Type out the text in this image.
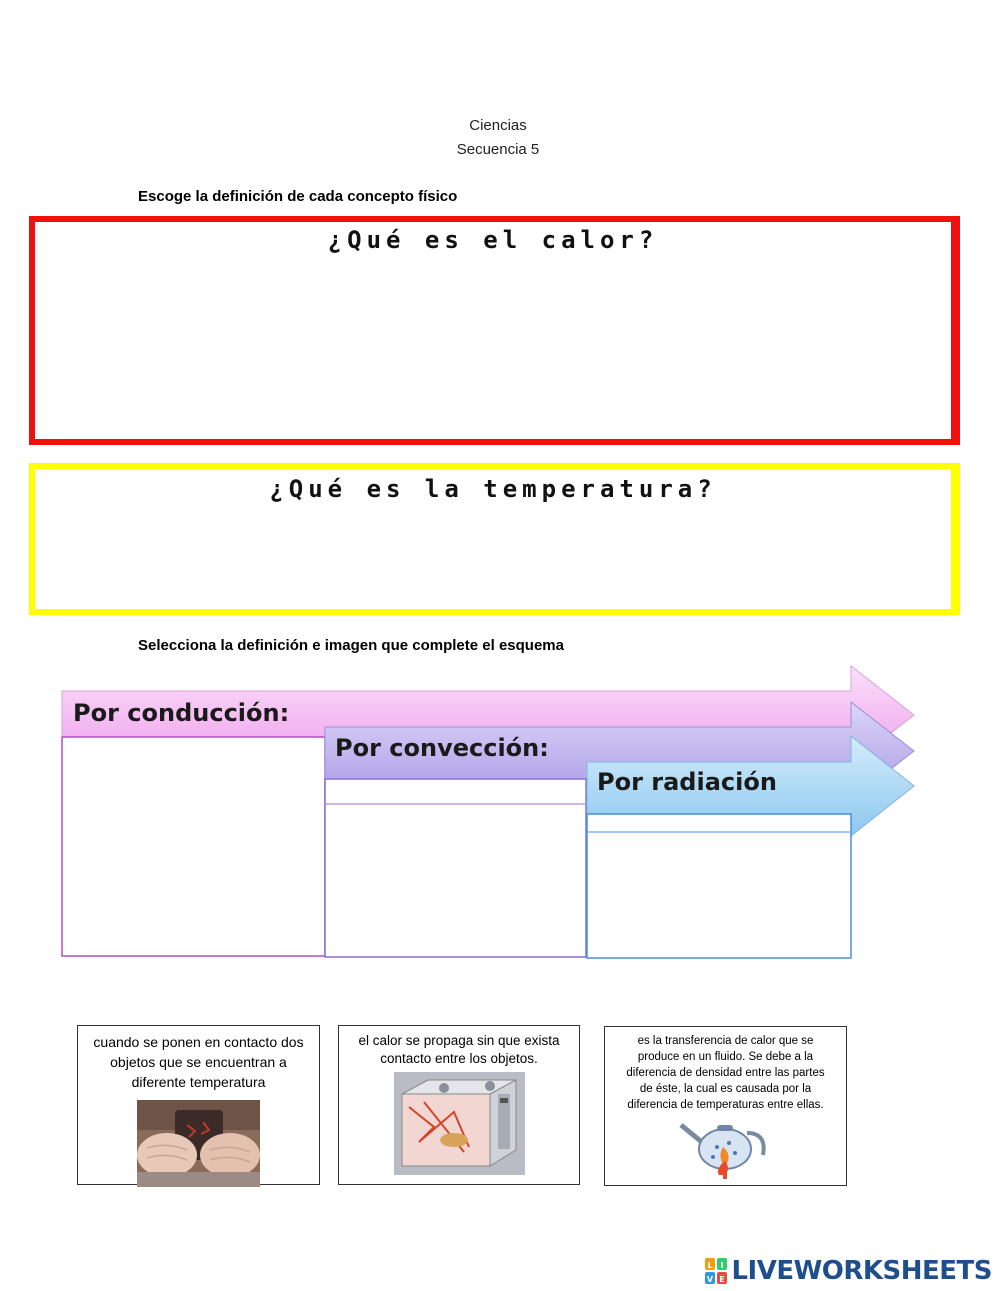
Ciencias
Secuencia 5
Escoge la definición de cada concepto físico
¿Qué es el calor?
¿Qué es la temperatura?
Selecciona la definición e imagen que complete el esquema
Por conducción:
Por convección:
Por radiación
cuando se ponen en contacto dos objetos que se encuentran a diferente temperatura
el calor se propaga sin que exista contacto entre los objetos.
es la transferencia de calor que se produce en un fluido. Se debe a la diferencia de densidad entre las partes de éste, la cual es causada por la diferencia de temperaturas entre ellas.
L I
V E LIVEWORKSHEETS
